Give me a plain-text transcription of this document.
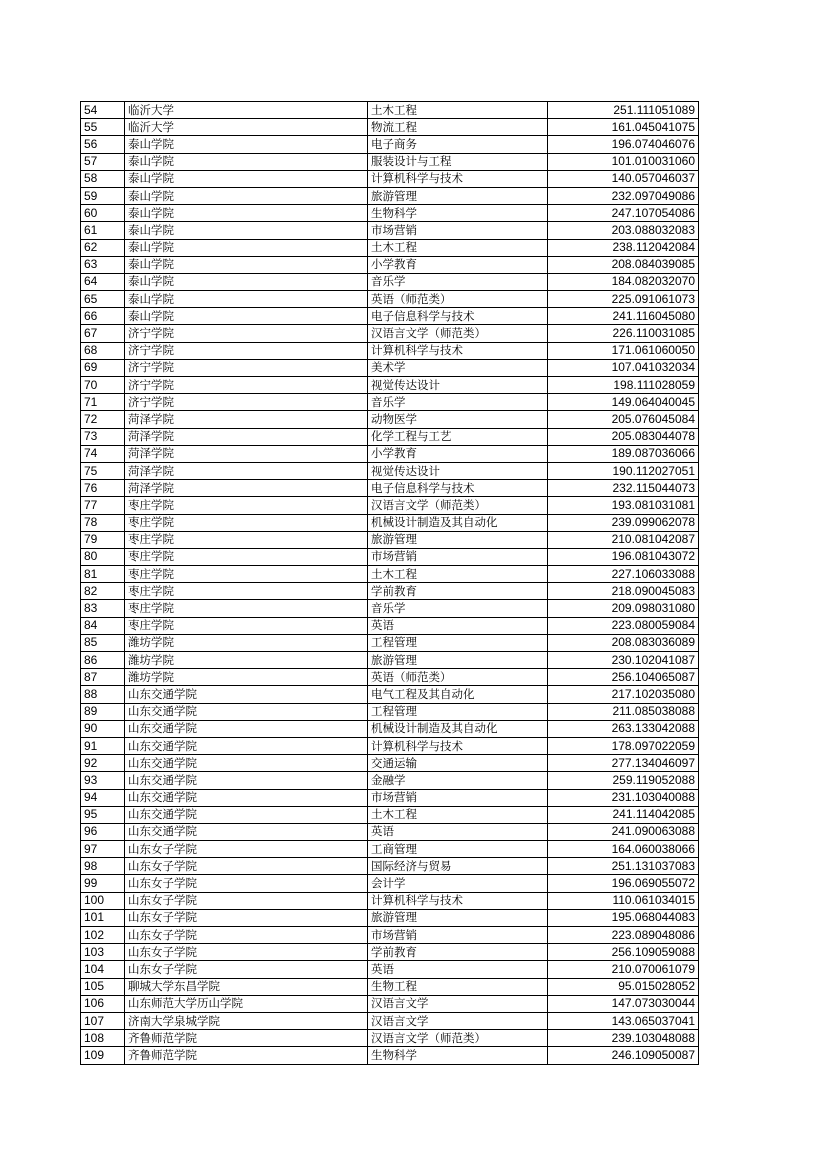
54	临沂大学	土木工程	251.111051089
55	临沂大学	物流工程	161.045041075
56	泰山学院	电子商务	196.074046076
57	泰山学院	服装设计与工程	101.010031060
58	泰山学院	计算机科学与技术	140.057046037
59	泰山学院	旅游管理	232.097049086
60	泰山学院	生物科学	247.107054086
61	泰山学院	市场营销	203.088032083
62	泰山学院	土木工程	238.112042084
63	泰山学院	小学教育	208.084039085
64	泰山学院	音乐学	184.082032070
65	泰山学院	英语（师范类）	225.091061073
66	泰山学院	电子信息科学与技术	241.116045080
67	济宁学院	汉语言文学（师范类）	226.110031085
68	济宁学院	计算机科学与技术	171.061060050
69	济宁学院	美术学	107.041032034
70	济宁学院	视觉传达设计	198.111028059
71	济宁学院	音乐学	149.064040045
72	菏泽学院	动物医学	205.076045084
73	菏泽学院	化学工程与工艺	205.083044078
74	菏泽学院	小学教育	189.087036066
75	菏泽学院	视觉传达设计	190.112027051
76	菏泽学院	电子信息科学与技术	232.115044073
77	枣庄学院	汉语言文学（师范类）	193.081031081
78	枣庄学院	机械设计制造及其自动化	239.099062078
79	枣庄学院	旅游管理	210.081042087
80	枣庄学院	市场营销	196.081043072
81	枣庄学院	土木工程	227.106033088
82	枣庄学院	学前教育	218.090045083
83	枣庄学院	音乐学	209.098031080
84	枣庄学院	英语	223.080059084
85	潍坊学院	工程管理	208.083036089
86	潍坊学院	旅游管理	230.102041087
87	潍坊学院	英语（师范类）	256.104065087
88	山东交通学院	电气工程及其自动化	217.102035080
89	山东交通学院	工程管理	211.085038088
90	山东交通学院	机械设计制造及其自动化	263.133042088
91	山东交通学院	计算机科学与技术	178.097022059
92	山东交通学院	交通运输	277.134046097
93	山东交通学院	金融学	259.119052088
94	山东交通学院	市场营销	231.103040088
95	山东交通学院	土木工程	241.114042085
96	山东交通学院	英语	241.090063088
97	山东女子学院	工商管理	164.060038066
98	山东女子学院	国际经济与贸易	251.131037083
99	山东女子学院	会计学	196.069055072
100	山东女子学院	计算机科学与技术	110.061034015
101	山东女子学院	旅游管理	195.068044083
102	山东女子学院	市场营销	223.089048086
103	山东女子学院	学前教育	256.109059088
104	山东女子学院	英语	210.070061079
105	聊城大学东昌学院	生物工程	95.015028052
106	山东师范大学历山学院	汉语言文学	147.073030044
107	济南大学泉城学院	汉语言文学	143.065037041
108	齐鲁师范学院	汉语言文学（师范类）	239.103048088
109	齐鲁师范学院	生物科学	246.109050087
